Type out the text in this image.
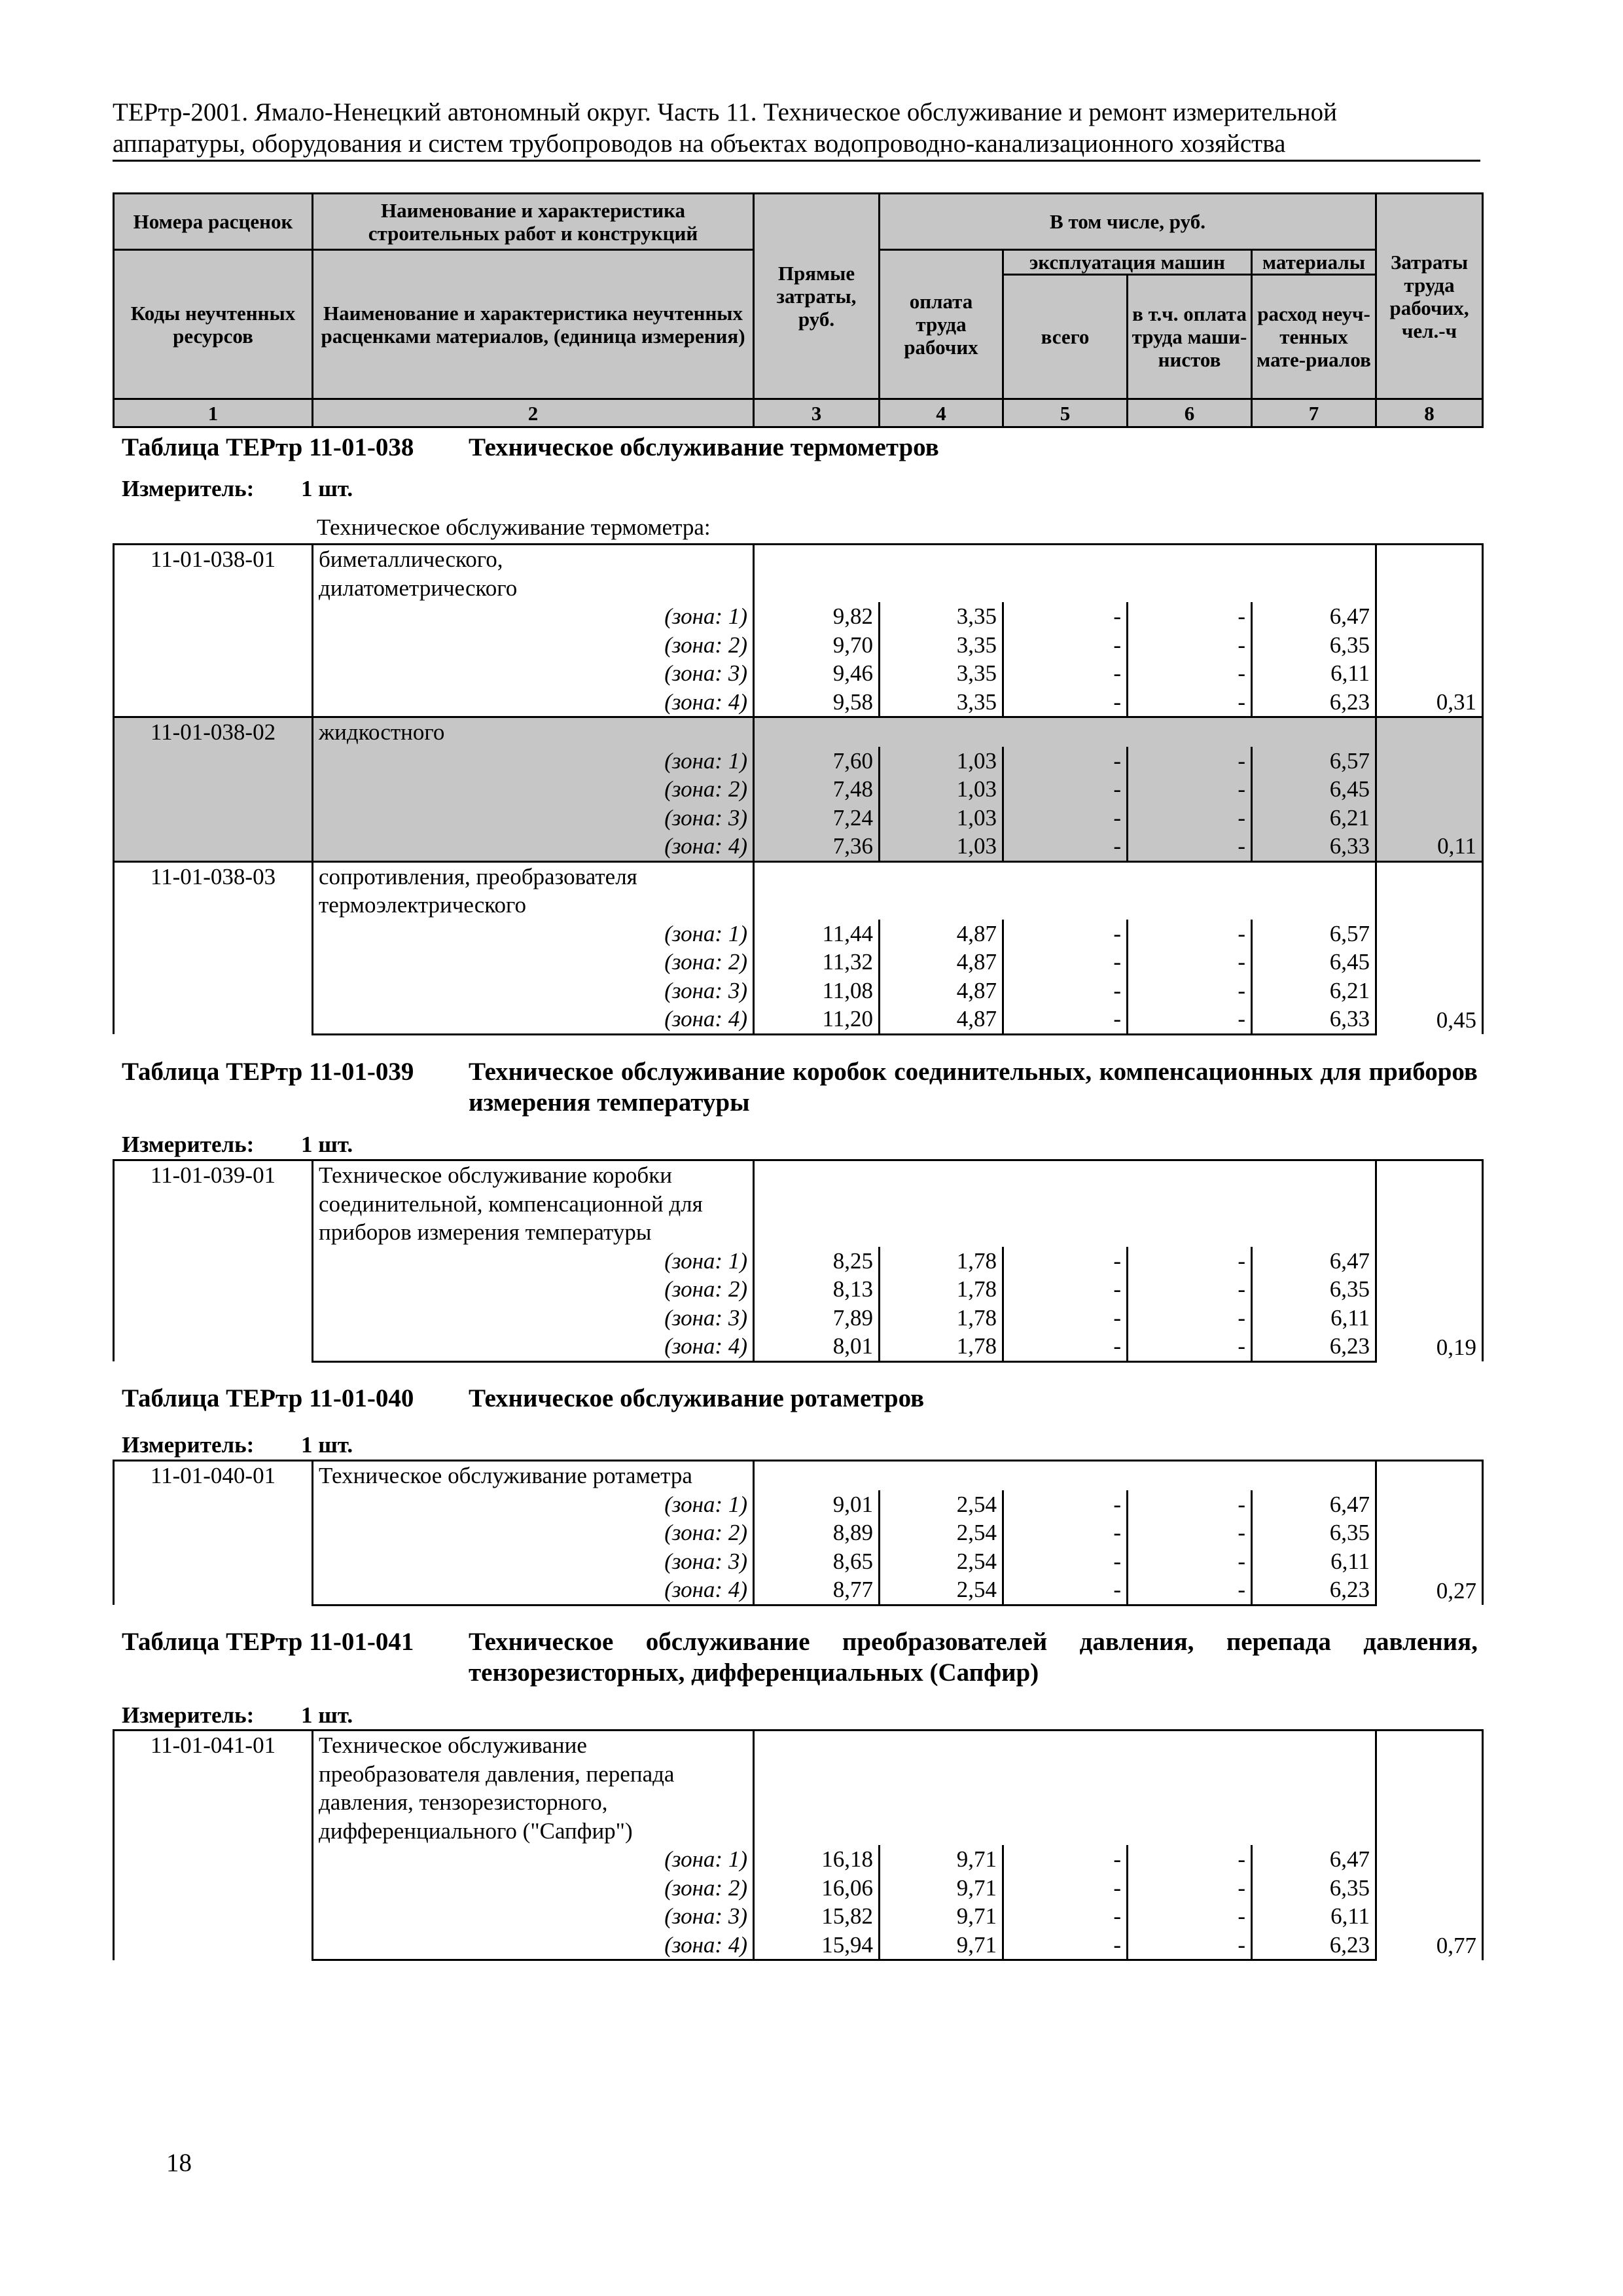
ТЕРтр-2001. Ямало-Ненецкий автономный округ. Часть 11. Техническое обслуживание и ремонт измерительной
аппаратуры, оборудования и систем трубопроводов на объектах водопроводно-канализационного хозяйства
Номера расценок	Наименование и характеристика строительных работ и конструкций	Прямые затраты, руб.	В том числе, руб.				Затраты труда рабочих, чел.-ч
Коды неучтенных ресурсов	Наименование и характеристика неучтенных расценками материалов, (единица измерения)		оплата труда рабочих	эксплуатация машин		материалы	
				всего	в т.ч. оплата труда маши-нистов	расход неуч-тенных мате-риалов	

1	2	3	4	5	6	7	8
Таблица ТЕРтр 11-01-038 Техническое обслуживание термометров
Измеритель: 1 шт.
Техническое обслуживание термометра:
11-01-038-01	биметаллического,						0,31
	дилатометрического						
	(зона: 1)	9,82	3,35	-	-	6,47	
	(зона: 2)	9,70	3,35	-	-	6,35	
	(зона: 3)	9,46	3,35	-	-	6,11	
	(зона: 4)	9,58	3,35	-	-	6,23	
11-01-038-02	жидкостного						0,11
	(зона: 1)	7,60	1,03	-	-	6,57	
	(зона: 2)	7,48	1,03	-	-	6,45	
	(зона: 3)	7,24	1,03	-	-	6,21	
	(зона: 4)	7,36	1,03	-	-	6,33	
11-01-038-03	сопротивления, преобразователя						0,45
	термоэлектрического						
	(зона: 1)	11,44	4,87	-	-	6,57	
	(зона: 2)	11,32	4,87	-	-	6,45	
	(зона: 3)	11,08	4,87	-	-	6,21	
	(зона: 4)	11,20	4,87	-	-	6,33	
Таблица ТЕРтр 11-01-039 Техническое обслуживание коробок соединительных, компенсационных для приборов измерения температуры
Измеритель: 1 шт.
11-01-039-01	Техническое обслуживание коробки						0,19
	соединительной, компенсационной для						
	приборов измерения температуры						
	(зона: 1)	8,25	1,78	-	-	6,47	
	(зона: 2)	8,13	1,78	-	-	6,35	
	(зона: 3)	7,89	1,78	-	-	6,11	
	(зона: 4)	8,01	1,78	-	-	6,23	
Таблица ТЕРтр 11-01-040 Техническое обслуживание ротаметров
Измеритель: 1 шт.
11-01-040-01	Техническое обслуживание ротаметра						0,27
	(зона: 1)	9,01	2,54	-	-	6,47	
	(зона: 2)	8,89	2,54	-	-	6,35	
	(зона: 3)	8,65	2,54	-	-	6,11	
	(зона: 4)	8,77	2,54	-	-	6,23	
Таблица ТЕРтр 11-01-041 Техническое обслуживание преобразователей давления, перепада давления, тензорезисторных, дифференциальных (Сапфир)
Измеритель: 1 шт.
11-01-041-01	Техническое обслуживание						0,77
	преобразователя давления, перепада						
	давления, тензорезисторного,						
	дифференциального ("Сапфир")						
	(зона: 1)	16,18	9,71	-	-	6,47	
	(зона: 2)	16,06	9,71	-	-	6,35	
	(зона: 3)	15,82	9,71	-	-	6,11	
	(зона: 4)	15,94	9,71	-	-	6,23	
18
